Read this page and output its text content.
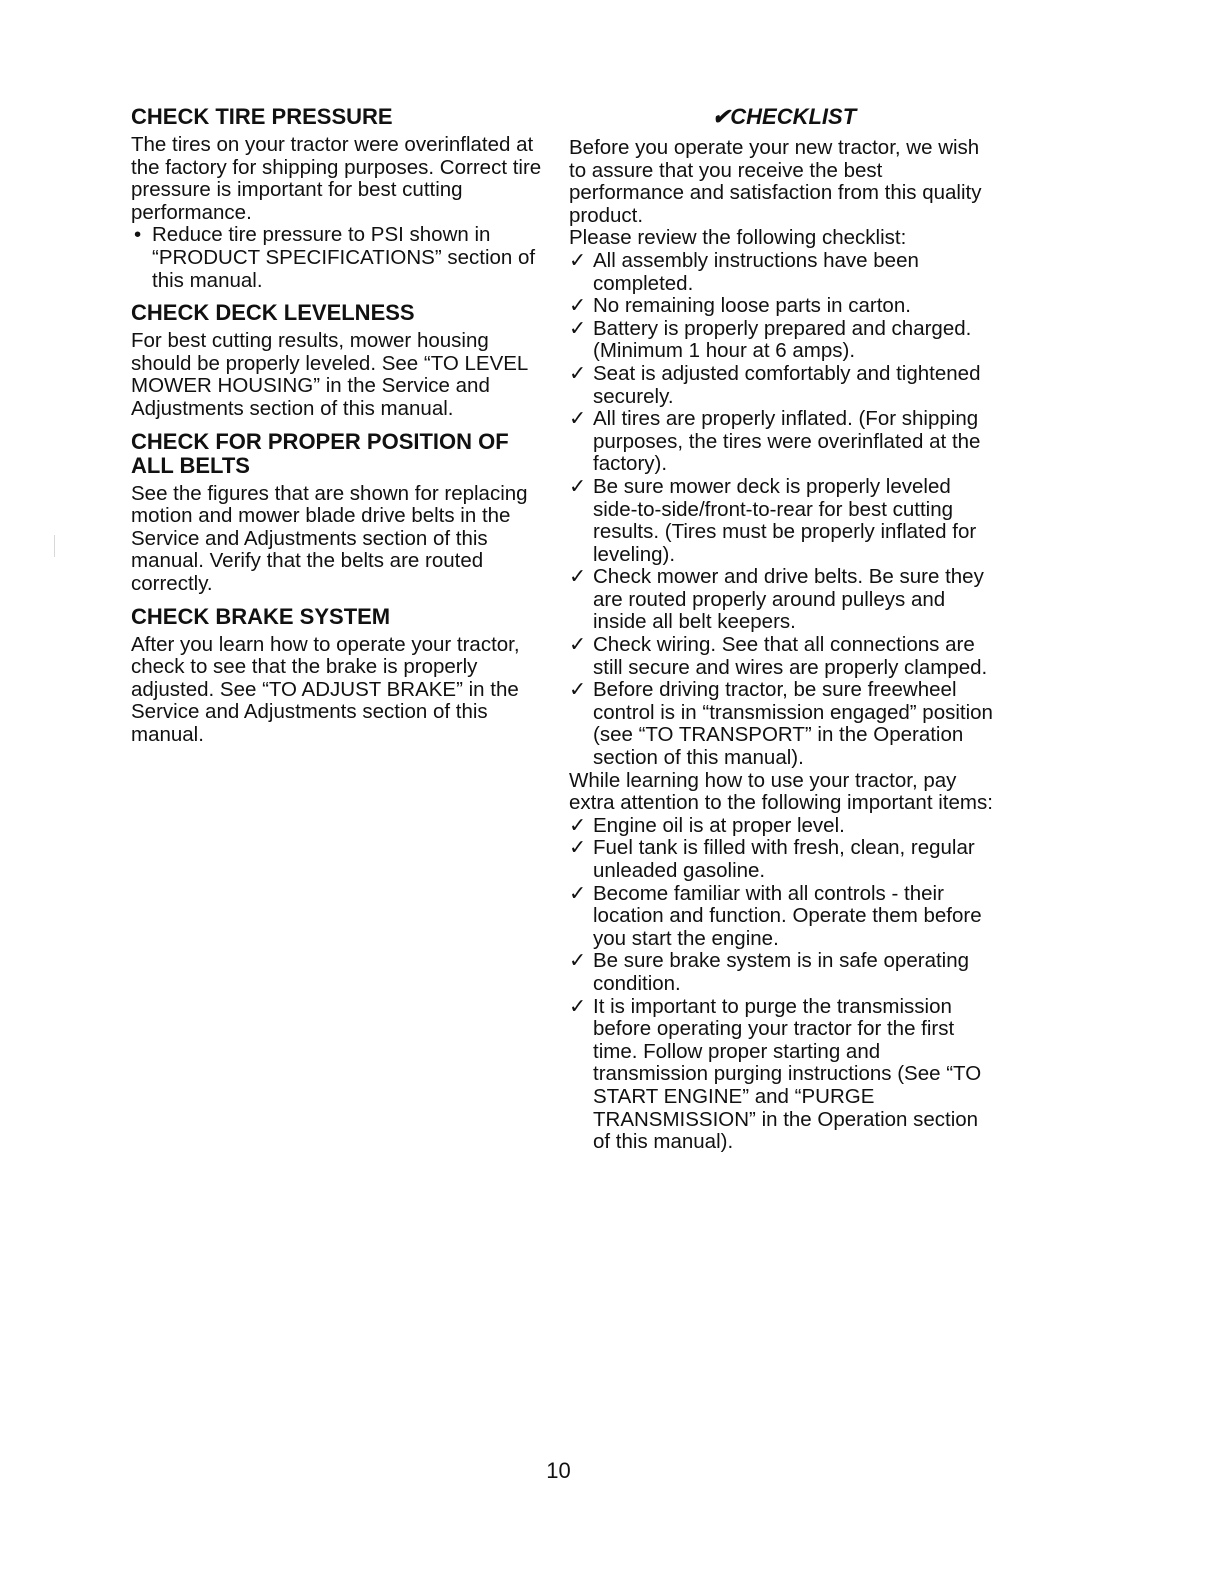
CHECK TIRE PRESSURE

The tires on your tractor were overinflated at the factory for shipping purposes. Correct tire pressure is important for best cutting performance.

• Reduce tire pressure to PSI shown in “PRODUCT SPECIFICATIONS” section of this manual.
CHECK DECK LEVELNESS

For best cutting results, mower housing should be properly leveled. See “TO LEVEL MOWER HOUSING” in the Service and Adjustments section of this manual.

CHECK FOR PROPER POSITION OF ALL BELTS

See the figures that are shown for replacing motion and mower blade drive belts in the Service and Adjustments section of this manual. Verify that the belts are routed correctly.

CHECK BRAKE SYSTEM

After you learn how to operate your tractor, check to see that the brake is properly adjusted. See “TO ADJUST BRAKE” in the Service and Adjustments section of this manual.

✔CHECKLIST

Before you operate your new tractor, we wish to assure that you receive the best performance and satisfaction from this quality product.

Please review the following checklist:

✓ All assembly instructions have been completed.
✓ No remaining loose parts in carton.
✓ Battery is properly prepared and charged. (Minimum 1 hour at 6 amps).
✓ Seat is adjusted comfortably and tightened securely.
✓ All tires are properly inflated. (For shipping purposes, the tires were overinflated at the factory).
✓ Be sure mower deck is properly leveled side-to-side/front-to-rear for best cutting results. (Tires must be properly inflated for leveling).
✓ Check mower and drive belts. Be sure they are routed properly around pulleys and inside all belt keepers.
✓ Check wiring. See that all connections are still secure and wires are properly clamped.
✓ Before driving tractor, be sure freewheel control is in “transmission engaged” position (see “TO TRANSPORT” in the Operation section of this manual).

While learning how to use your tractor, pay extra attention to the following important items:

✓ Engine oil is at proper level.
✓ Fuel tank is filled with fresh, clean, regular unleaded gasoline.
✓ Become familiar with all controls - their location and function. Operate them before you start the engine.
✓ Be sure brake system is in safe operating condition.
✓ It is important to purge the transmission before operating your tractor for the first time. Follow proper starting and transmission purging instructions (See “TO START ENGINE” and “PURGE TRANSMISSION” in the Operation section of this manual).
10
